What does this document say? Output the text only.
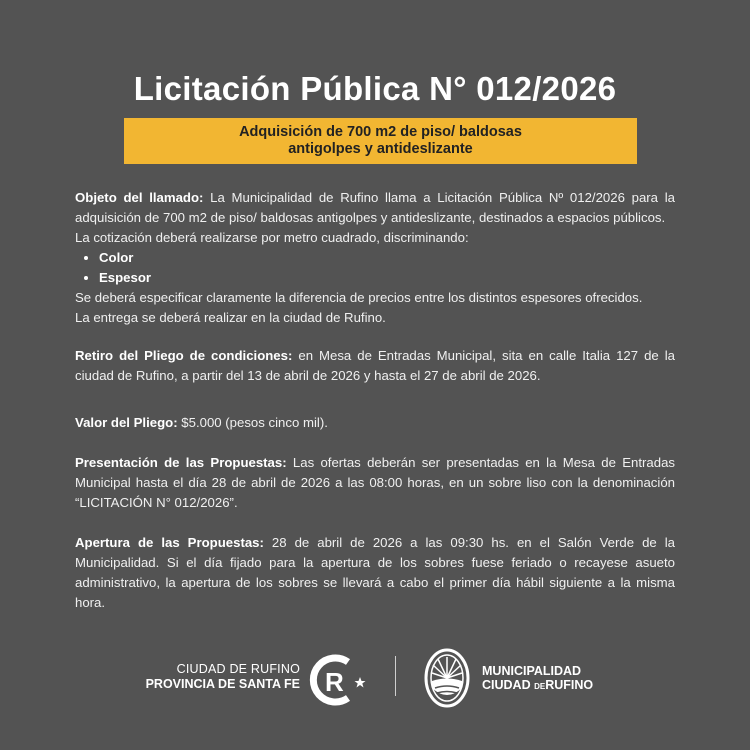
Licitación Pública N° 012/2026
Adquisición de 700 m2 de piso/ baldosas
antigolpes y antideslizante

Objeto del llamado: La Municipalidad de Rufino llama a Licitación Pública Nº 012/2026 para la adquisición de 700 m2 de piso/ baldosas antigolpes y antideslizante, destinados a espacios públicos.

La cotización deberá realizarse por metro cuadrado, discriminando:

• Color
• Espesor

Se deberá especificar claramente la diferencia de precios entre los distintos espesores ofrecidos.

La entrega se deberá realizar en la ciudad de Rufino.

Retiro del Pliego de condiciones: en Mesa de Entradas Municipal, sita en calle Italia 127 de la ciudad de Rufino, a partir del 13 de abril de 2026 y hasta el 27 de abril de 2026.

Valor del Pliego: $5.000 (pesos cinco mil).

Presentación de las Propuestas: Las ofertas deberán ser presentadas en la Mesa de Entradas Municipal hasta el día 28 de abril de 2026 a las 08:00 horas, en un sobre liso con la denominación “LICITACIÓN N° 012/2026”.

Apertura de las Propuestas: 28 de abril de 2026 a las 09:30 hs. en el Salón Verde de la Municipalidad. Si el día fijado para la apertura de los sobres fuese feriado o recayese asueto administrativo, la apertura de los sobres se llevará a cabo el primer día hábil siguiente a la misma hora.

CIUDAD DE RUFINO
PROVINCIA DE SANTA FE R	MUNICIPALIDAD
CIUDAD DERUFINO
